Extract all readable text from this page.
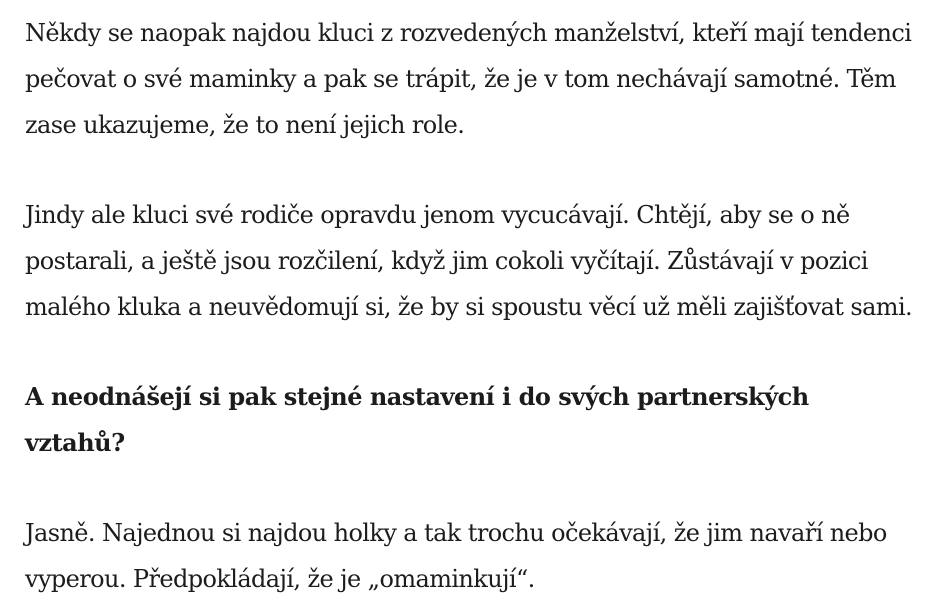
Někdy se naopak najdou kluci z rozvedených manželství, kteří mají tendenci pečovat o své maminky a pak se trápit, že je v tom nechávají samotné. Těm zase ukazujeme, že to není jejich role.

Jindy ale kluci své rodiče opravdu jenom vycucávají. Chtějí, aby se o ně postarali, a ještě jsou rozčilení, když jim cokoli vyčítají. Zůstávají v pozici malého kluka a neuvědomují si, že by si spoustu věcí už měli zajišťovat sami.

A neodnášejí si pak stejné nastavení i do svých partnerských vztahů?

Jasně. Najednou si najdou holky a tak trochu očekávají, že jim navaří nebo vyperou. Předpokládají, že je „omaminkují“.
